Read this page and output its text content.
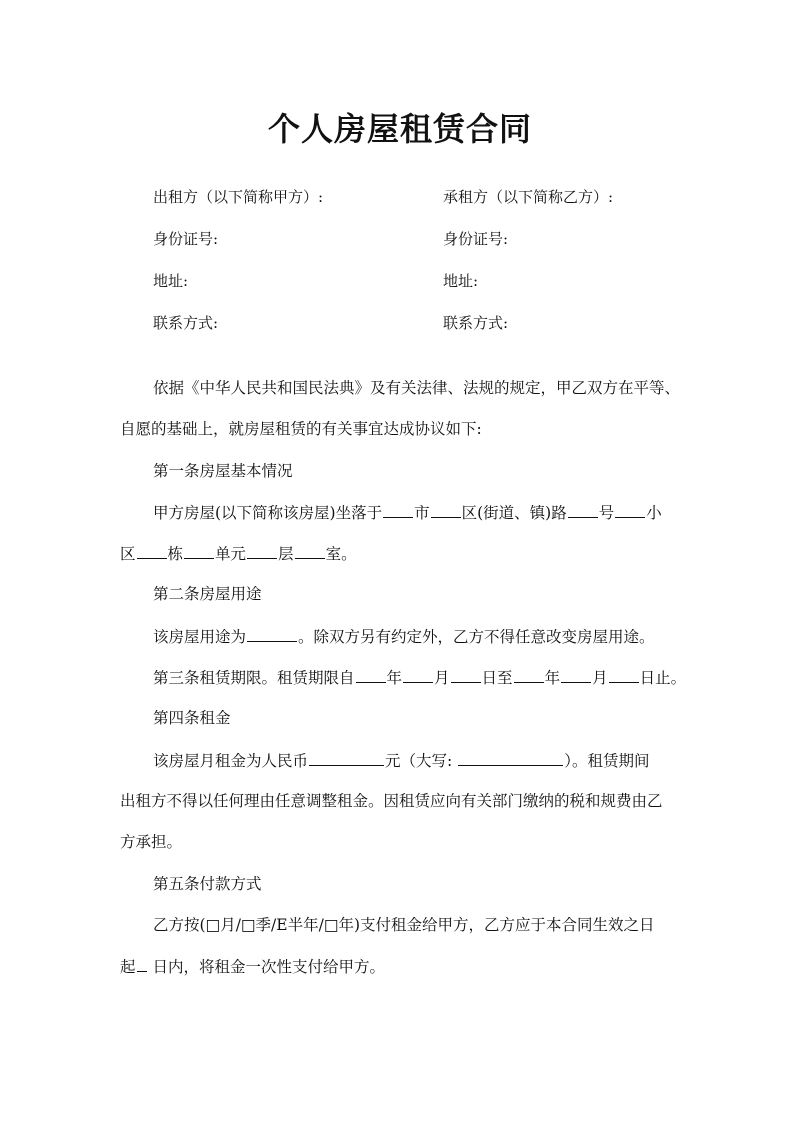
个人房屋租赁合同
出租方（以下简称甲方）:	承租方（以下简称乙方）:
身份证号:	身份证号:
地址:	地址:
联系方式:	联系方式:
依据《中华人民共和国民法典》及有关法律、法规的规定，甲乙双方在平等、
自愿的基础上，就房屋租赁的有关事宜达成协议如下:
第一条房屋基本情况
甲方房屋(以下简称该房屋)坐落于 市 区(街道、镇)路 号 小
区 栋 单元 层 室。
第二条房屋用途
该房屋用途为	。除双方另有约定外，乙方不得任意改变房屋用途。
第三条租赁期限。租赁期限自 年 月 日至 年 月 日止。
第四条租金
该房屋月租金为人民币	元（大写:	）。租赁期间
出租方不得以任何理由任意调整租金。因租赁应向有关部门缴纳的税和规费由乙
方承担。
第五条付款方式
乙方按(□月/□季/E半年/□年)支付租金给甲方，乙方应于本合同生效之日
起 日内，将租金一次性支付给甲方。
